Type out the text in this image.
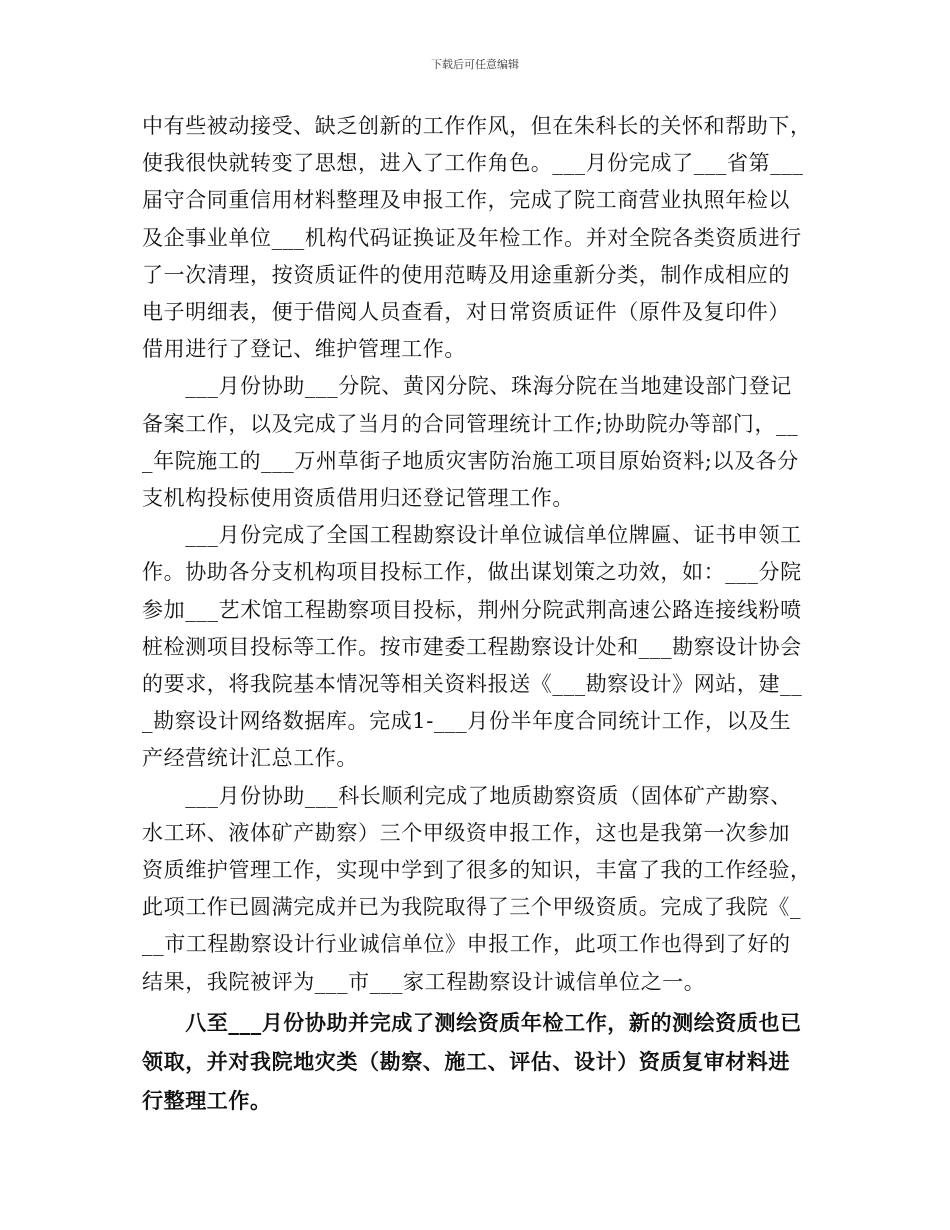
下载后可任意编辑

中有些被动接受、缺乏创新的工作作风，但在朱科长的关怀和帮助下，
使我很快就转变了思想，进入了工作角色。___月份完成了___省第___
届守合同重信用材料整理及申报工作，完成了院工商营业执照年检以
及企事业单位___机构代码证换证及年检工作。并对全院各类资质进行
了一次清理，按资质证件的使用范畴及用途重新分类，制作成相应的
电子明细表，便于借阅人员查看，对日常资质证件（原件及复印件）
借用进行了登记、维护管理工作。

　　___月份协助___分院、黄冈分院、珠海分院在当地建设部门登记
备案工作，以及完成了当月的合同管理统计工作;协助院办等部门，__
_年院施工的___万州草街子地质灾害防治施工项目原始资料;以及各分
支机构投标使用资质借用归还登记管理工作。

　　___月份完成了全国工程勘察设计单位诚信单位牌匾、证书申领工
作。协助各分支机构项目投标工作，做出谋划策之功效，如：___分院
参加___艺术馆工程勘察项目投标，荆州分院武荆高速公路连接线粉喷
桩检测项目投标等工作。按市建委工程勘察设计处和___勘察设计协会
的要求，将我院基本情况等相关资料报送《___勘察设计》网站，建__
_勘察设计网络数据库。完成1-___月份半年度合同统计工作，以及生
产经营统计汇总工作。

　　___月份协助___科长顺利完成了地质勘察资质（固体矿产勘察、
水工环、液体矿产勘察）三个甲级资申报工作，这也是我第一次参加
资质维护管理工作，实现中学到了很多的知识，丰富了我的工作经验，
此项工作已圆满完成并已为我院取得了三个甲级资质。完成了我院《_
__市工程勘察设计行业诚信单位》申报工作，此项工作也得到了好的
结果，我院被评为___市___家工程勘察设计诚信单位之一。

　　八至___月份协助并完成了测绘资质年检工作，新的测绘资质也已
领取，并对我院地灾类（勘察、施工、评估、设计）资质复审材料进
行整理工作。
